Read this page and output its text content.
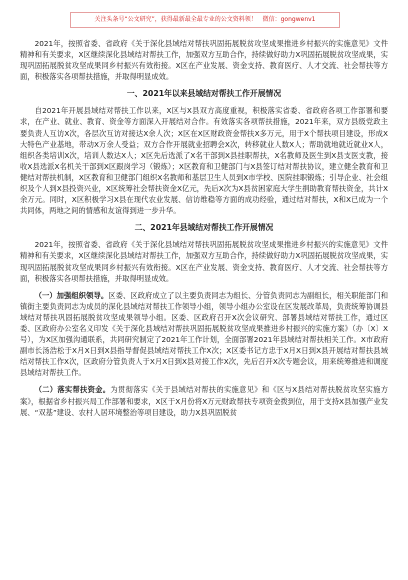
关注头条号“公文研究”，获得最新最全最专业的公文资料领！ 微信：gongwenv1

2021年，按照省委、省政府《关于深化县域结对帮扶巩固拓展脱贫攻坚成果推进乡村振兴的实施意见》文件精神和有关要求，X区继续深化县域结对帮扶工作，加强双方互助合作，持续做好助力X巩固拓展脱贫攻坚成果，实现巩固拓展脱贫攻坚成果同乡村振兴有效衔接。X区在产业发展、资金支持、教育医疗、人才交流、社会帮扶等方面，积极落实各项帮扶措施，并取得明显成效。

一、2021年以来县域结对帮扶工作开展情况

自2021年开展县域结对帮扶工作以来，X区与X县双方高度重视，积极落实省委、省政府各项工作部署和要求，在产业、就业、教育、资金等方面深入开展结对合作。有效落实各项帮扶措施，2021年来，双方县级党政主要负责人互访X次，各层次互访对接达X余人次；X区在X区财政资金帮扶X多万元，用于X个帮扶项目建设，形成X大特色产业基地，带动X万余人受益；双方合作开展就业招聘会X次，转移就业人数X人；帮助就地就近就业X人，组织各类培训X次，培训人数达X人；X区先后选派了X名干部到X县挂职帮扶，X名教师及医生到X县支医支教，接收X县选派X名机关干部到X区跟岗学习（锻炼）；X区教育和卫健部门与X县签订结对帮扶协议，建立健全教育和卫健结对帮扶机制，X区教育和卫健部门组织X名教师和基层卫生人员到X市学校、医院挂职锻炼；引导企业、社会组织及个人到X县投资兴业，X区统筹社会帮扶资金X亿元，先后X次为X县贫困家庭大学生捐助教育帮扶资金，共计X余万元。同时，X区积极学习X县在现代农业发展、信访维稳等方面的成功经验，通过结对帮扶，X和X已成为一个共同体，两地之间的情感和友谊得到进一步升华。

二、2021年县域结对帮扶工作开展情况

2021年，按照省委、省政府《关于深化县域结对帮扶巩固拓展脱贫攻坚成果推进乡村振兴的实施意见》文件精神和有关要求，X区继续深化县域结对帮扶工作，加强双方互助合作，持续做好助力X巩固拓展脱贫攻坚成果，实现巩固拓展脱贫攻坚成果同乡村振兴有效衔接。X区在产业发展、资金支持、教育医疗、人才交流、社会帮扶等方面，积极落实各项帮扶措施，并取得明显成效。

（一）加强组织领导。区委、区政府成立了以主要负责同志为组长、分管负责同志为副组长，相关职能部门和镇街主要负责同志为成员的深化县域结对帮扶工作领导小组，领导小组办公室设在区发展改革局，负责统筹协调县域结对帮扶巩固拓展脱贫攻坚成果领导小组。区委、区政府召开X次会议研究、部署县域结对帮扶工作，通过区委、区政府办公室名义印发《关于深化县域结对帮扶巩固拓展脱贫攻坚成果推进乡村振兴的实施方案》（办〔X〕X号），为X区加强沟通联系，共同研究制定了2021年工作计划，全面部署2021年县域结对帮扶相关工作。X市政府副市长汤浩松于X月X日到X县指导督促县域结对帮扶工作X次；X区委书记方忠于X月X日到X县开展结对帮扶县域结对帮扶工作X次，区政府分管负责人于X月X日到X县对接工作X次，先后召开X次专题会议，用来统筹推进和调度县域结对帮扶工作。

（二）落实帮扶资金。为贯彻落实《关于县域结对帮扶的实施意见》和《区与X县结对帮扶脱贫攻坚实施方案》，根据省乡村振兴局工作部署和要求，X区于X月份将X万元财政帮扶专项资金拨到位，用于支持X县加强产业发展、“双基”建设、农村人居环境整治等项目建设，助力X县巩固脱贫
